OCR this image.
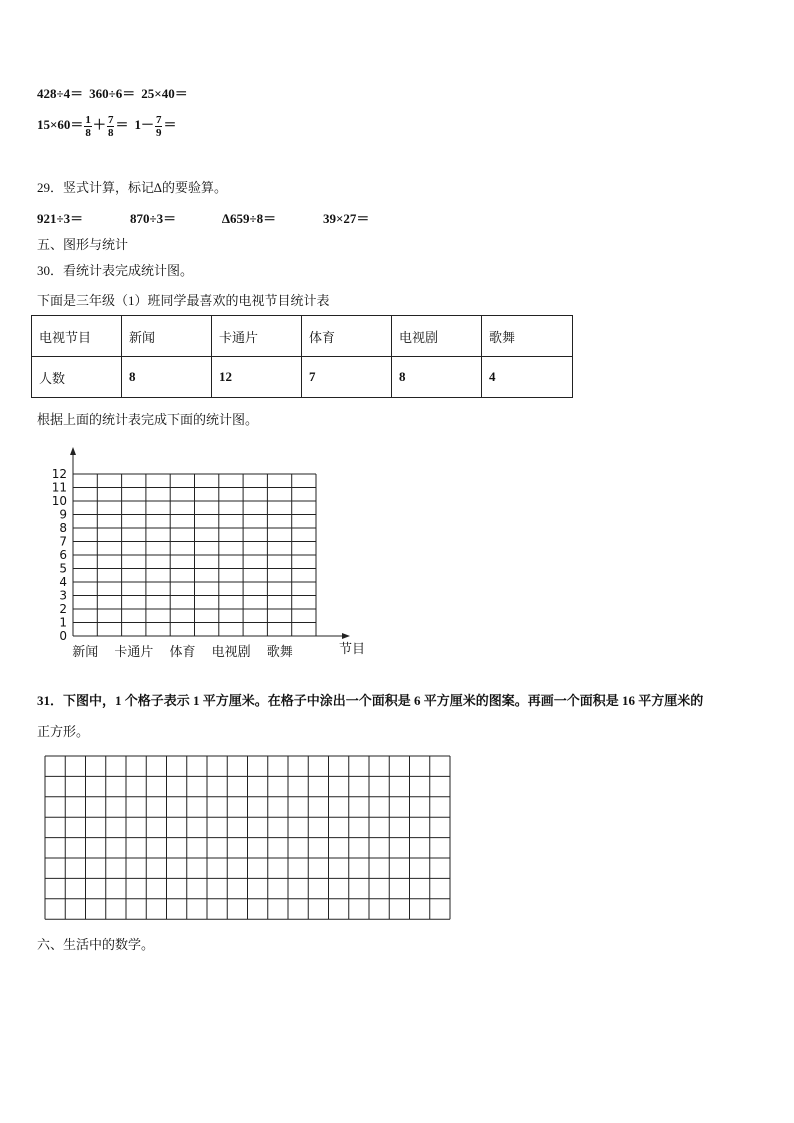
428÷4＝ 360÷6＝ 25×40＝
$15\times 60= \frac{1}{8} + \frac{7}{8} = 1- \frac{7}{9}$ ＝
29．竖式计算，标记∆的要验算。
921÷3＝	870÷3＝	∆659÷8＝	39×27＝
五、图形与统计
30．看统计表完成统计图。
下面是三年级（1）班同学最喜欢的电视节目统计表
电视节目	新闻	卡通片	体育	电视剧	歌舞
人数	8	12	7	8	4
根据上面的统计表完成下面的统计图。
0
1
2
3
4
5
6
7
8
9
10
11
12
新闻 卡通片 体育 电视剧 歌舞	节目
31．下图中，1 个格子表示 1 平方厘米。在格子中涂出一个面积是 6 平方厘米的图案。再画一个面积是 16 平方厘米的
正方形。
六、生活中的数学。
